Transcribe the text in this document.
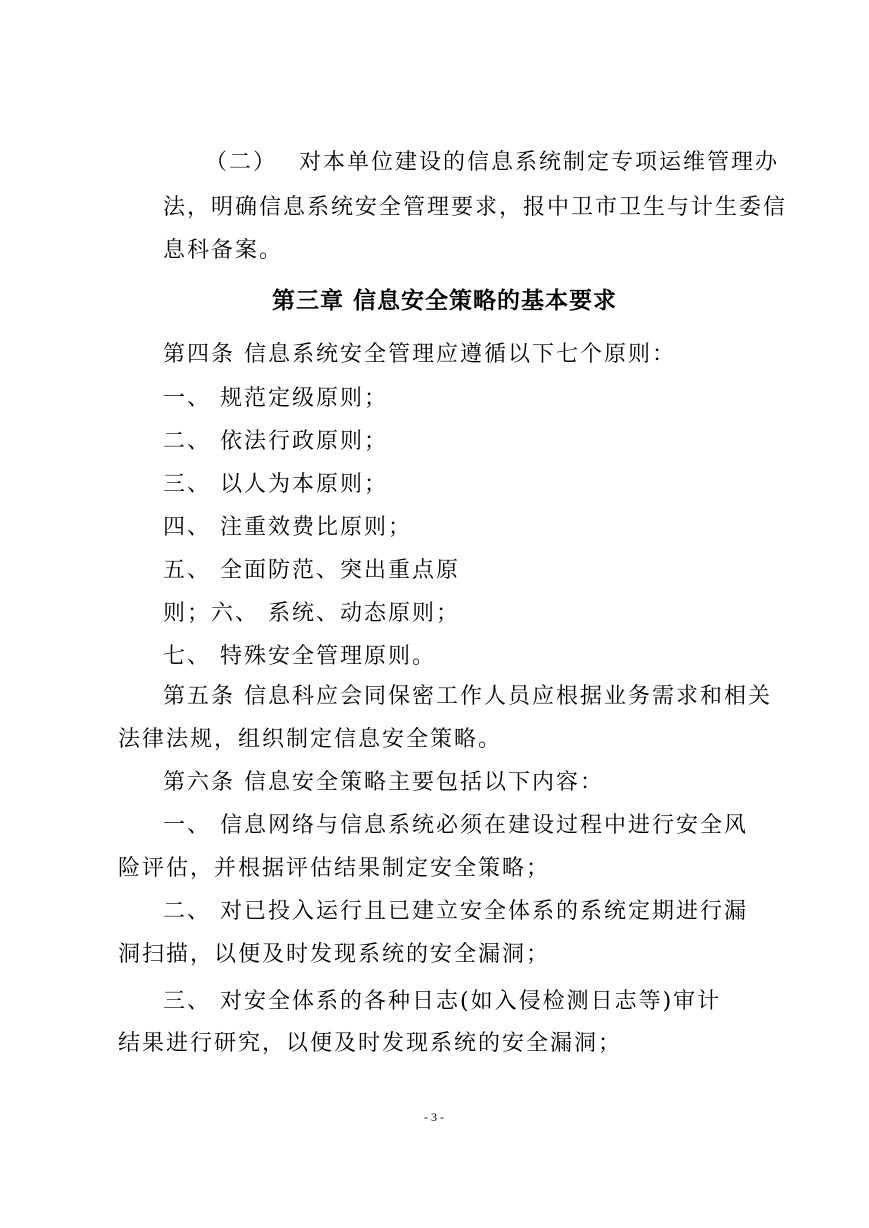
（二）　 对本单位建设的信息系统制定专项运维管理办
法，明确信息系统安全管理要求，报中卫市卫生与计生委信
息科备案。
第三章 信息安全策略的基本要求
第四条 信息系统安全管理应遵循以下七个原则：
一、 规范定级原则；
二、 依法行政原则；
三、 以人为本原则；
四、 注重效费比原则；
五、 全面防范、突出重点原
则；六、 系统、动态原则；
七、 特殊安全管理原则。
第五条 信息科应会同保密工作人员应根据业务需求和相关
法律法规，组织制定信息安全策略。
第六条 信息安全策略主要包括以下内容：
一、 信息网络与信息系统必须在建设过程中进行安全风
险评估，并根据评估结果制定安全策略；
二、 对已投入运行且已建立安全体系的系统定期进行漏
洞扫描，以便及时发现系统的安全漏洞；
三、 对安全体系的各种日志(如入侵检测日志等)审计
结果进行研究，以便及时发现系统的安全漏洞；
- 3 -
